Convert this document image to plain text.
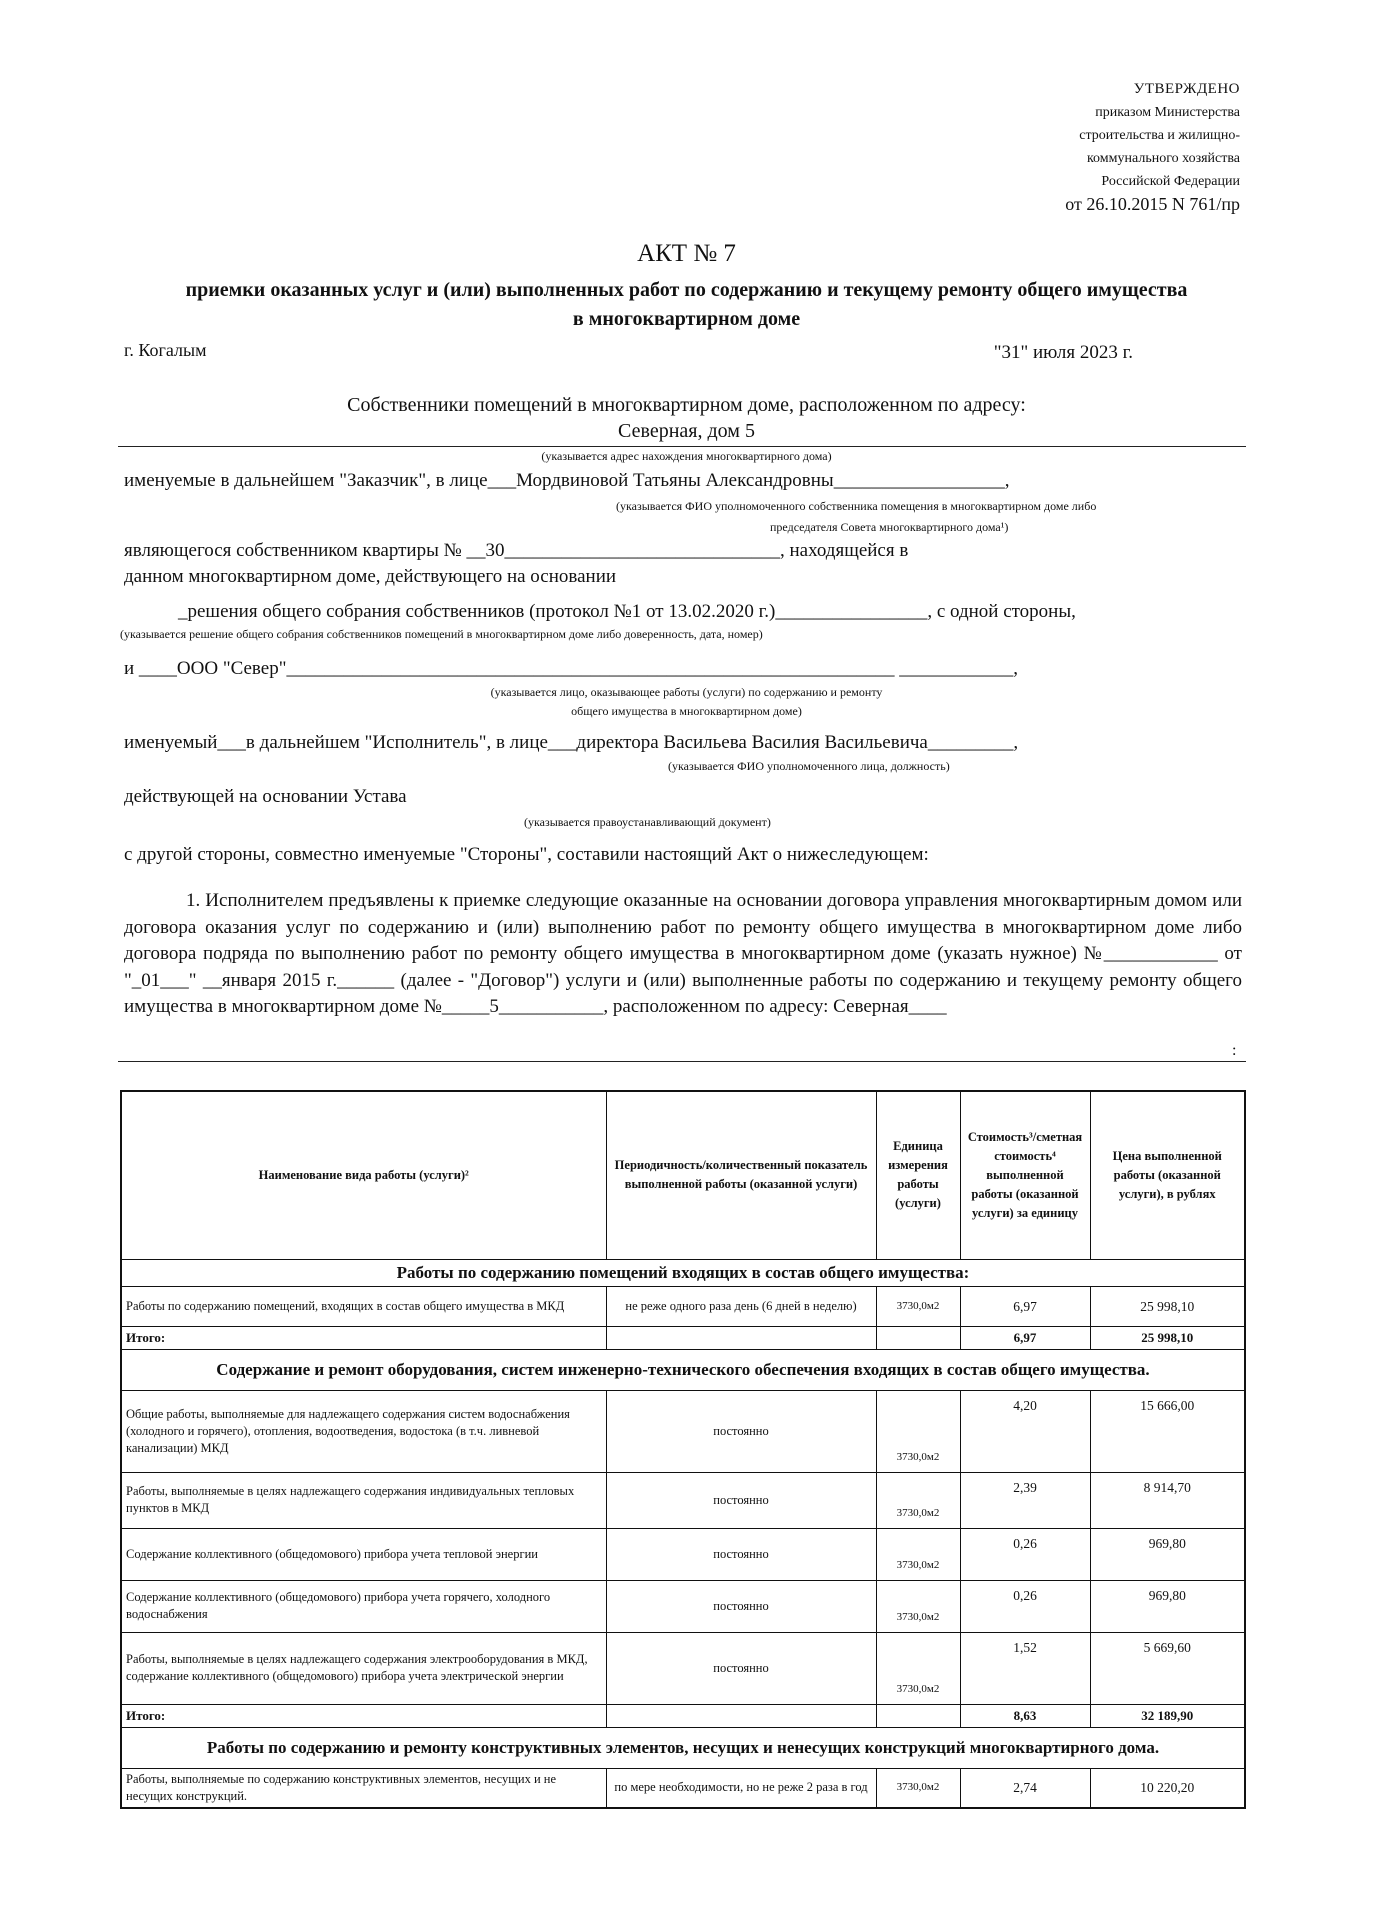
УТВЕРЖДЕНО
приказом Министерства
строительства и жилищно-
коммунального хозяйства
Российской Федерации
от 26.10.2015 N 761/пр
АКТ № 7
приемки оказанных услуг и (или) выполненных работ по содержанию и текущему ремонту общего имущества
в многоквартирном доме
г. Когалым	"31" июля 2023 г.
Собственники помещений в многоквартирном доме, расположенном по адресу:
Северная, дом 5
(указывается адрес нахождения многоквартирного дома)
именуемые в дальнейшем "Заказчик", в лице___Мордвиновой Татьяны Александровны__________________,
(указывается ФИО уполномоченного собственника помещения в многоквартирном доме либо
председателя Совета многоквартирного дома¹)
являющегося собственником квартиры № __30_____________________________, находящейся в
данном многоквартирном доме, действующего на основании
_решения общего собрания собственников (протокол №1 от 13.02.2020 г.)________________, с одной стороны,
(указывается решение общего собрания собственников помещений в многоквартирном доме либо доверенность, дата, номер)
и ____ООО "Север"________________________________________________________________ ____________,
(указывается лицо, оказывающее работы (услуги) по содержанию и ремонту
общего имущества в многоквартирном доме)
именуемый___в дальнейшем "Исполнитель", в лице___директора Васильева Василия Васильевича_________,
(указывается ФИО уполномоченного лица, должность)
действующей на основании Устава
(указывается правоустанавливающий документ)
с другой стороны, совместно именуемые "Стороны", составили настоящий Акт о нижеследующем:
1. Исполнителем предъявлены к приемке следующие оказанные на основании договора управления многоквартирным домом или договора оказания услуг по содержанию и (или) выполнению работ по ремонту общего имущества в многоквартирном доме либо договора подряда по выполнению работ по ремонту общего имущества в многоквартирном доме (указать нужное) №____________ от "_01___" __января 2015 г.______ (далее - "Договор") услуги и (или) выполненные работы по содержанию и текущему ремонту общего имущества в многоквартирном доме №_____5___________, расположенном по адресу: Северная____
:
Наименование вида работы (услуги)²	Периодичность/количественный показатель выполненной работы (оказанной услуги)	Единица измерения работы (услуги)	Стоимость³/сметная стоимость⁴ выполненной работы (оказанной услуги) за единицу	Цена выполненной работы (оказанной услуги), в рублях
Работы по содержанию помещений входящих в состав общего имущества:				
Работы по содержанию помещений, входящих в состав общего имущества в МКД	не реже одного раза день (6 дней в неделю)	3730,0м2	6,97	25 998,10
Итого:			6,97	25 998,10
Содержание и ремонт оборудования, систем инженерно-технического обеспечения входящих в состав общего имущества.				
Общие работы, выполняемые для надлежащего содержания систем водоснабжения (холодного и горячего), отопления, водоотведения, водостока (в т.ч. ливневой канализации) МКД	постоянно	3730,0м2	4,20	15 666,00
Работы, выполняемые в целях надлежащего содержания индивидуальных тепловых пунктов в МКД	постоянно	3730,0м2	2,39	8 914,70
Содержание коллективного (общедомового) прибора учета тепловой энергии	постоянно	3730,0м2	0,26	969,80
Содержание коллективного (общедомового) прибора учета горячего, холодного водоснабжения	постоянно	3730,0м2	0,26	969,80
Работы, выполняемые в целях надлежащего содержания электрооборудования в МКД, содержание коллективного (общедомового) прибора учета электрической энергии	постоянно	3730,0м2	1,52	5 669,60
Итого:			8,63	32 189,90
Работы по содержанию и ремонту конструктивных элементов, несущих и ненесущих конструкций многоквартирного дома.				
Работы, выполняемые по содержанию конструктивных элементов, несущих и не несущих конструкций.	по мере необходимости, но не реже 2 раза в год	3730,0м2	2,74	10 220,20
